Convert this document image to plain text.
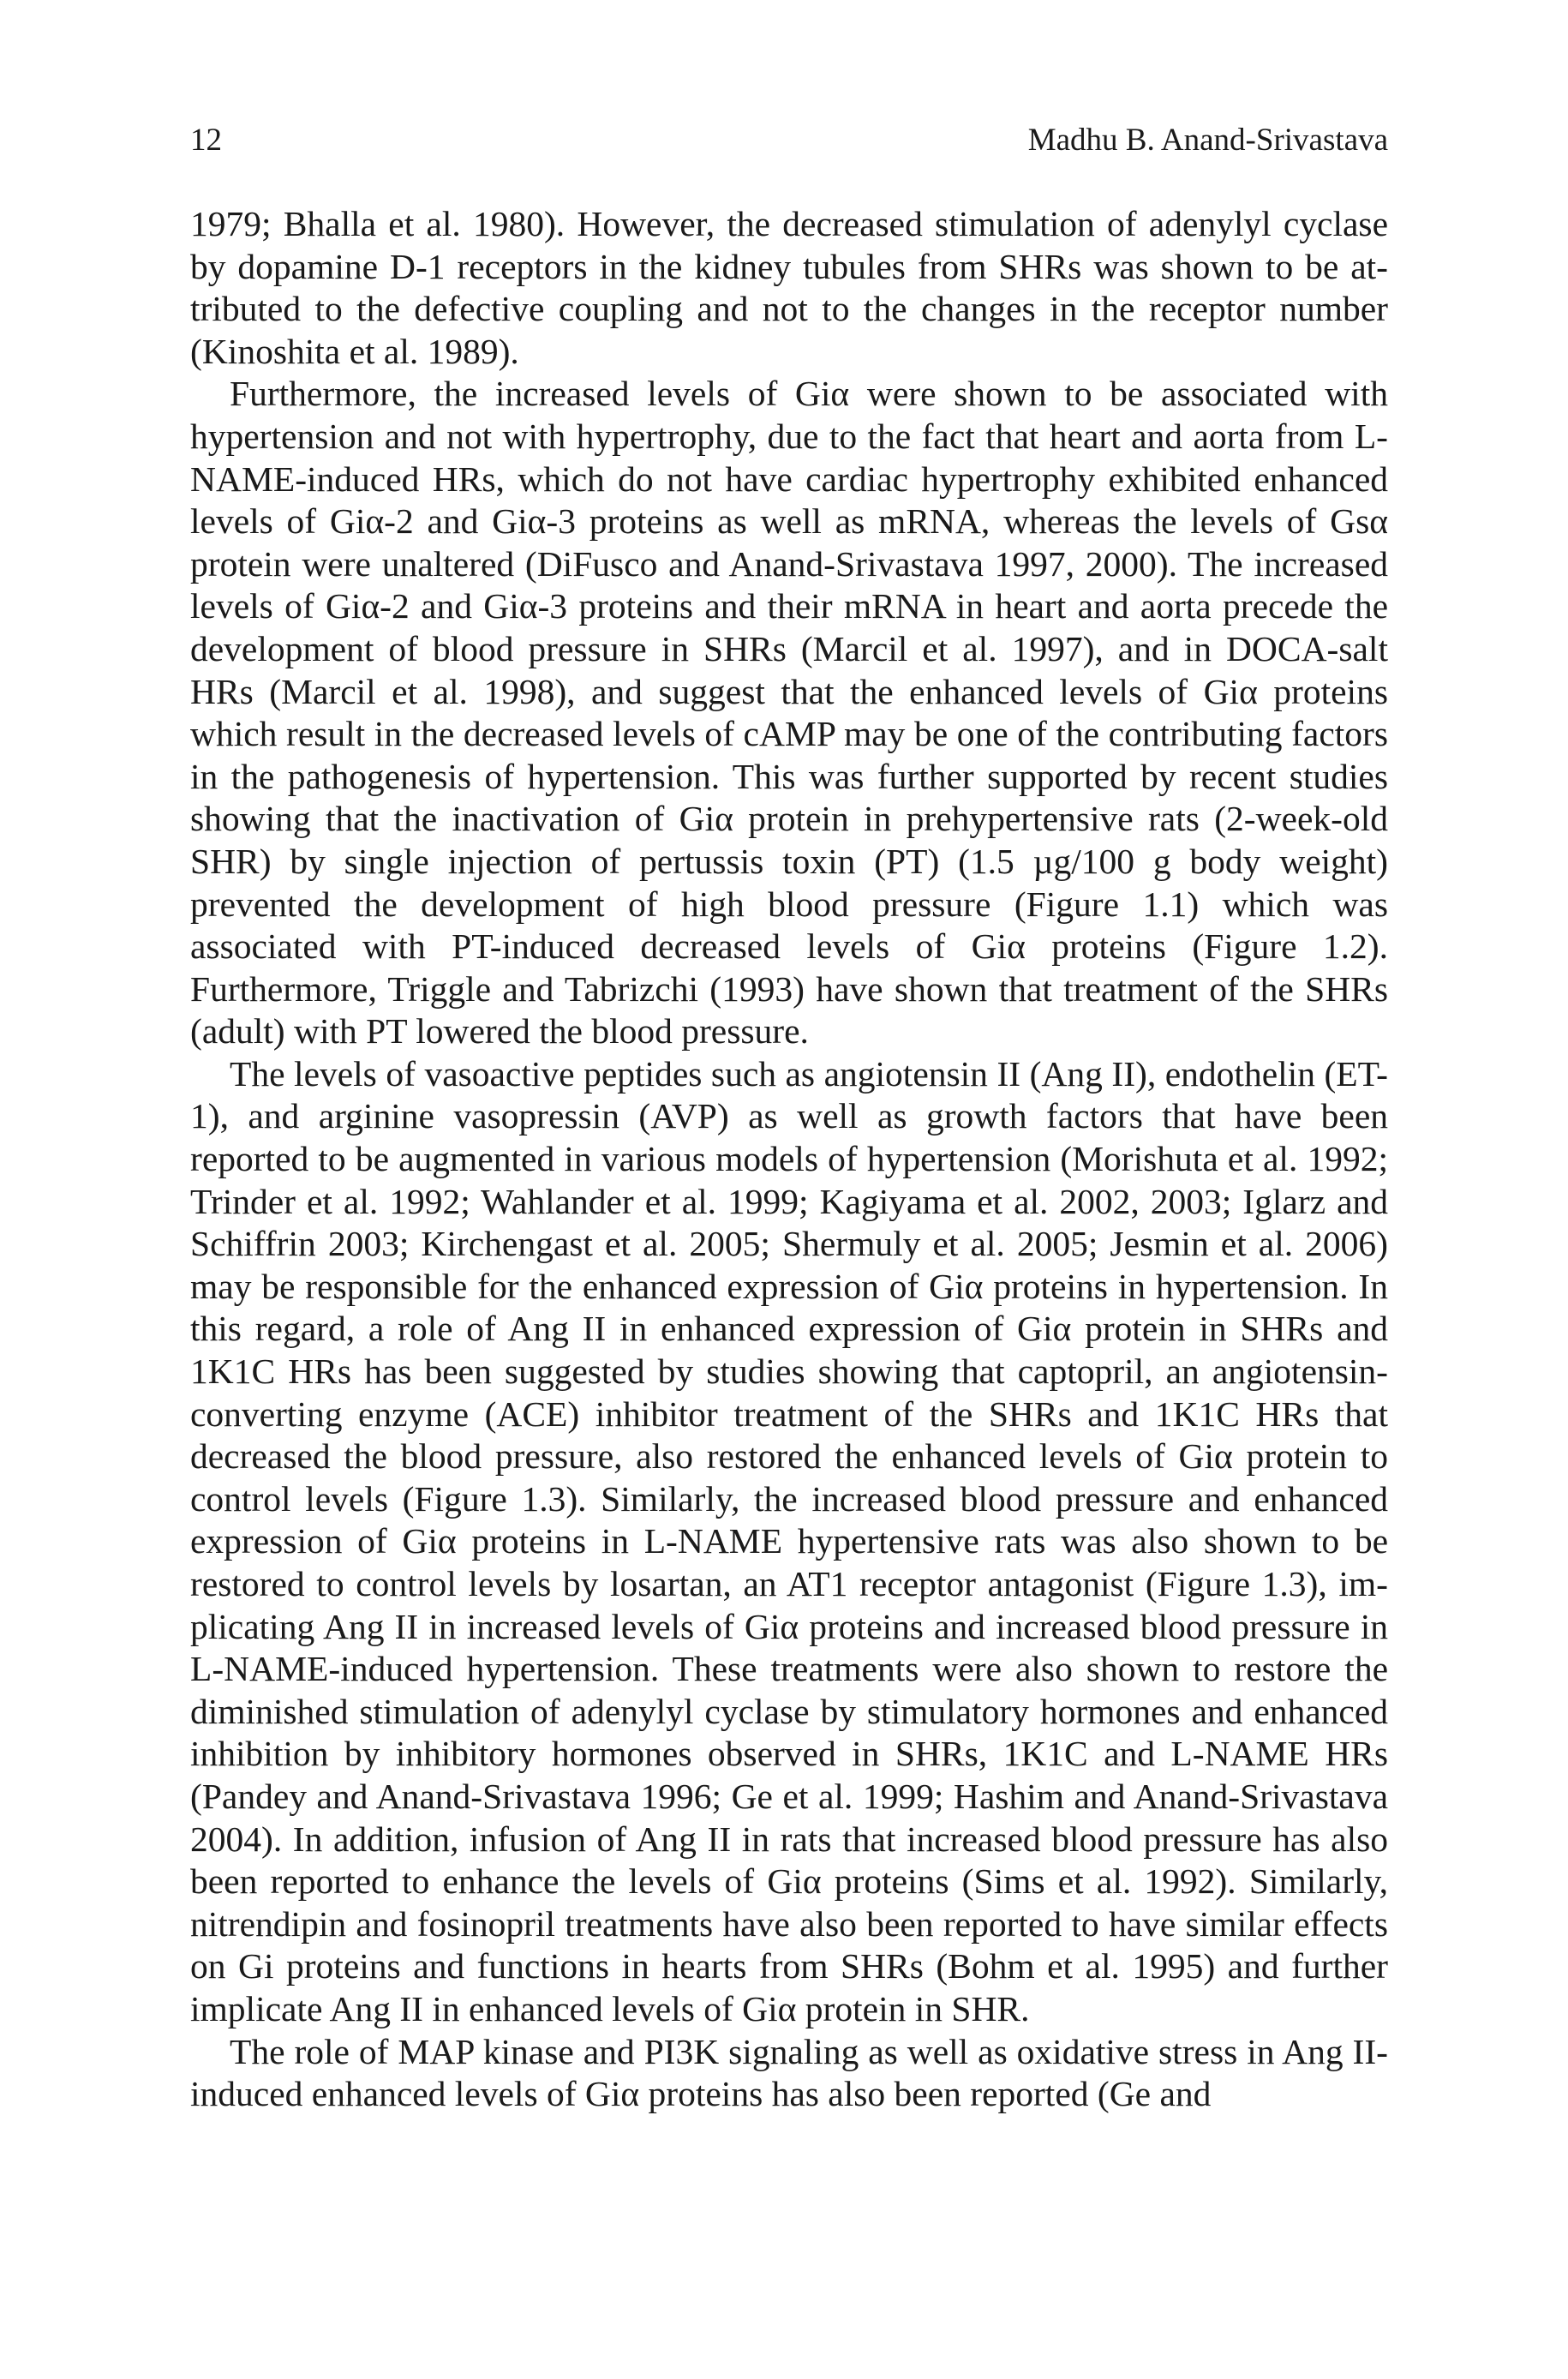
12	Madhu B. Anand-Srivastava

1979; Bhalla et al. 1980). However, the decreased stimulation of adenylyl cyclase by dopamine D-1 receptors in the kidney tubules from SHRs was shown to be attributed to the defective coupling and not to the changes in the receptor number (Kinoshita et al. 1989).

Furthermore, the increased levels of Giα were shown to be associated with hypertension and not with hypertrophy, due to the fact that heart and aorta from L-NAME-induced HRs, which do not have cardiac hypertrophy exhibited enhanced levels of Giα-2 and Giα-3 proteins as well as mRNA, whereas the levels of Gsα protein were unaltered (DiFusco and Anand-Srivastava 1997, 2000). The increased levels of Giα-2 and Giα-3 proteins and their mRNA in heart and aorta precede the development of blood pressure in SHRs (Marcil et al. 1997), and in DOCA-salt HRs (Marcil et al. 1998), and suggest that the enhanced levels of Giα proteins which result in the decreased levels of cAMP may be one of the contributing factors in the pathogenesis of hypertension. This was further supported by recent studies showing that the inactivation of Giα protein in prehypertensive rats (2-week-old SHR) by single injection of pertussis toxin (PT) (1.5 µg/100 g body weight) prevented the development of high blood pressure (Figure 1.1) which was associated with PT-induced decreased levels of Giα proteins (Figure 1.2). Furthermore, Triggle and Tabrizchi (1993) have shown that treatment of the SHRs (adult) with PT lowered the blood pressure.

The levels of vasoactive peptides such as angiotensin II (Ang II), endothelin (ET-1), and arginine vasopressin (AVP) as well as growth factors that have been reported to be augmented in various models of hypertension (Morishuta et al. 1992; Trinder et al. 1992; Wahlander et al. 1999; Kagiyama et al. 2002, 2003; Iglarz and Schiffrin 2003; Kirchengast et al. 2005; Shermuly et al. 2005; Jesmin et al. 2006) may be responsible for the enhanced expression of Giα proteins in hypertension. In this regard, a role of Ang II in enhanced expression of Giα protein in SHRs and 1K1C HRs has been suggested by studies showing that captopril, an angiotensin-converting enzyme (ACE) inhibitor treatment of the SHRs and 1K1C HRs that decreased the blood pressure, also restored the enhanced levels of Giα protein to control levels (Figure 1.3). Similarly, the increased blood pressure and enhanced expression of Giα proteins in L-NAME hypertensive rats was also shown to be restored to control levels by losartan, an AT1 receptor antagonist (Figure 1.3), implicating Ang II in increased levels of Giα proteins and increased blood pressure in L-NAME-induced hypertension. These treatments were also shown to restore the diminished stimulation of adenylyl cyclase by stimulatory hormones and enhanced inhibition by inhibitory hormones observed in SHRs, 1K1C and L-NAME HRs (Pandey and Anand-Srivastava 1996; Ge et al. 1999; Hashim and Anand-Srivastava 2004). In addition, infusion of Ang II in rats that increased blood pressure has also been reported to enhance the levels of Giα proteins (Sims et al. 1992). Similarly, nitrendipin and fosinopril treatments have also been reported to have similar effects on Gi proteins and functions in hearts from SHRs (Bohm et al. 1995) and further implicate Ang II in enhanced levels of Giα protein in SHR.

The role of MAP kinase and PI3K signaling as well as oxidative stress in Ang II-induced enhanced levels of Giα proteins has also been reported (Ge and
